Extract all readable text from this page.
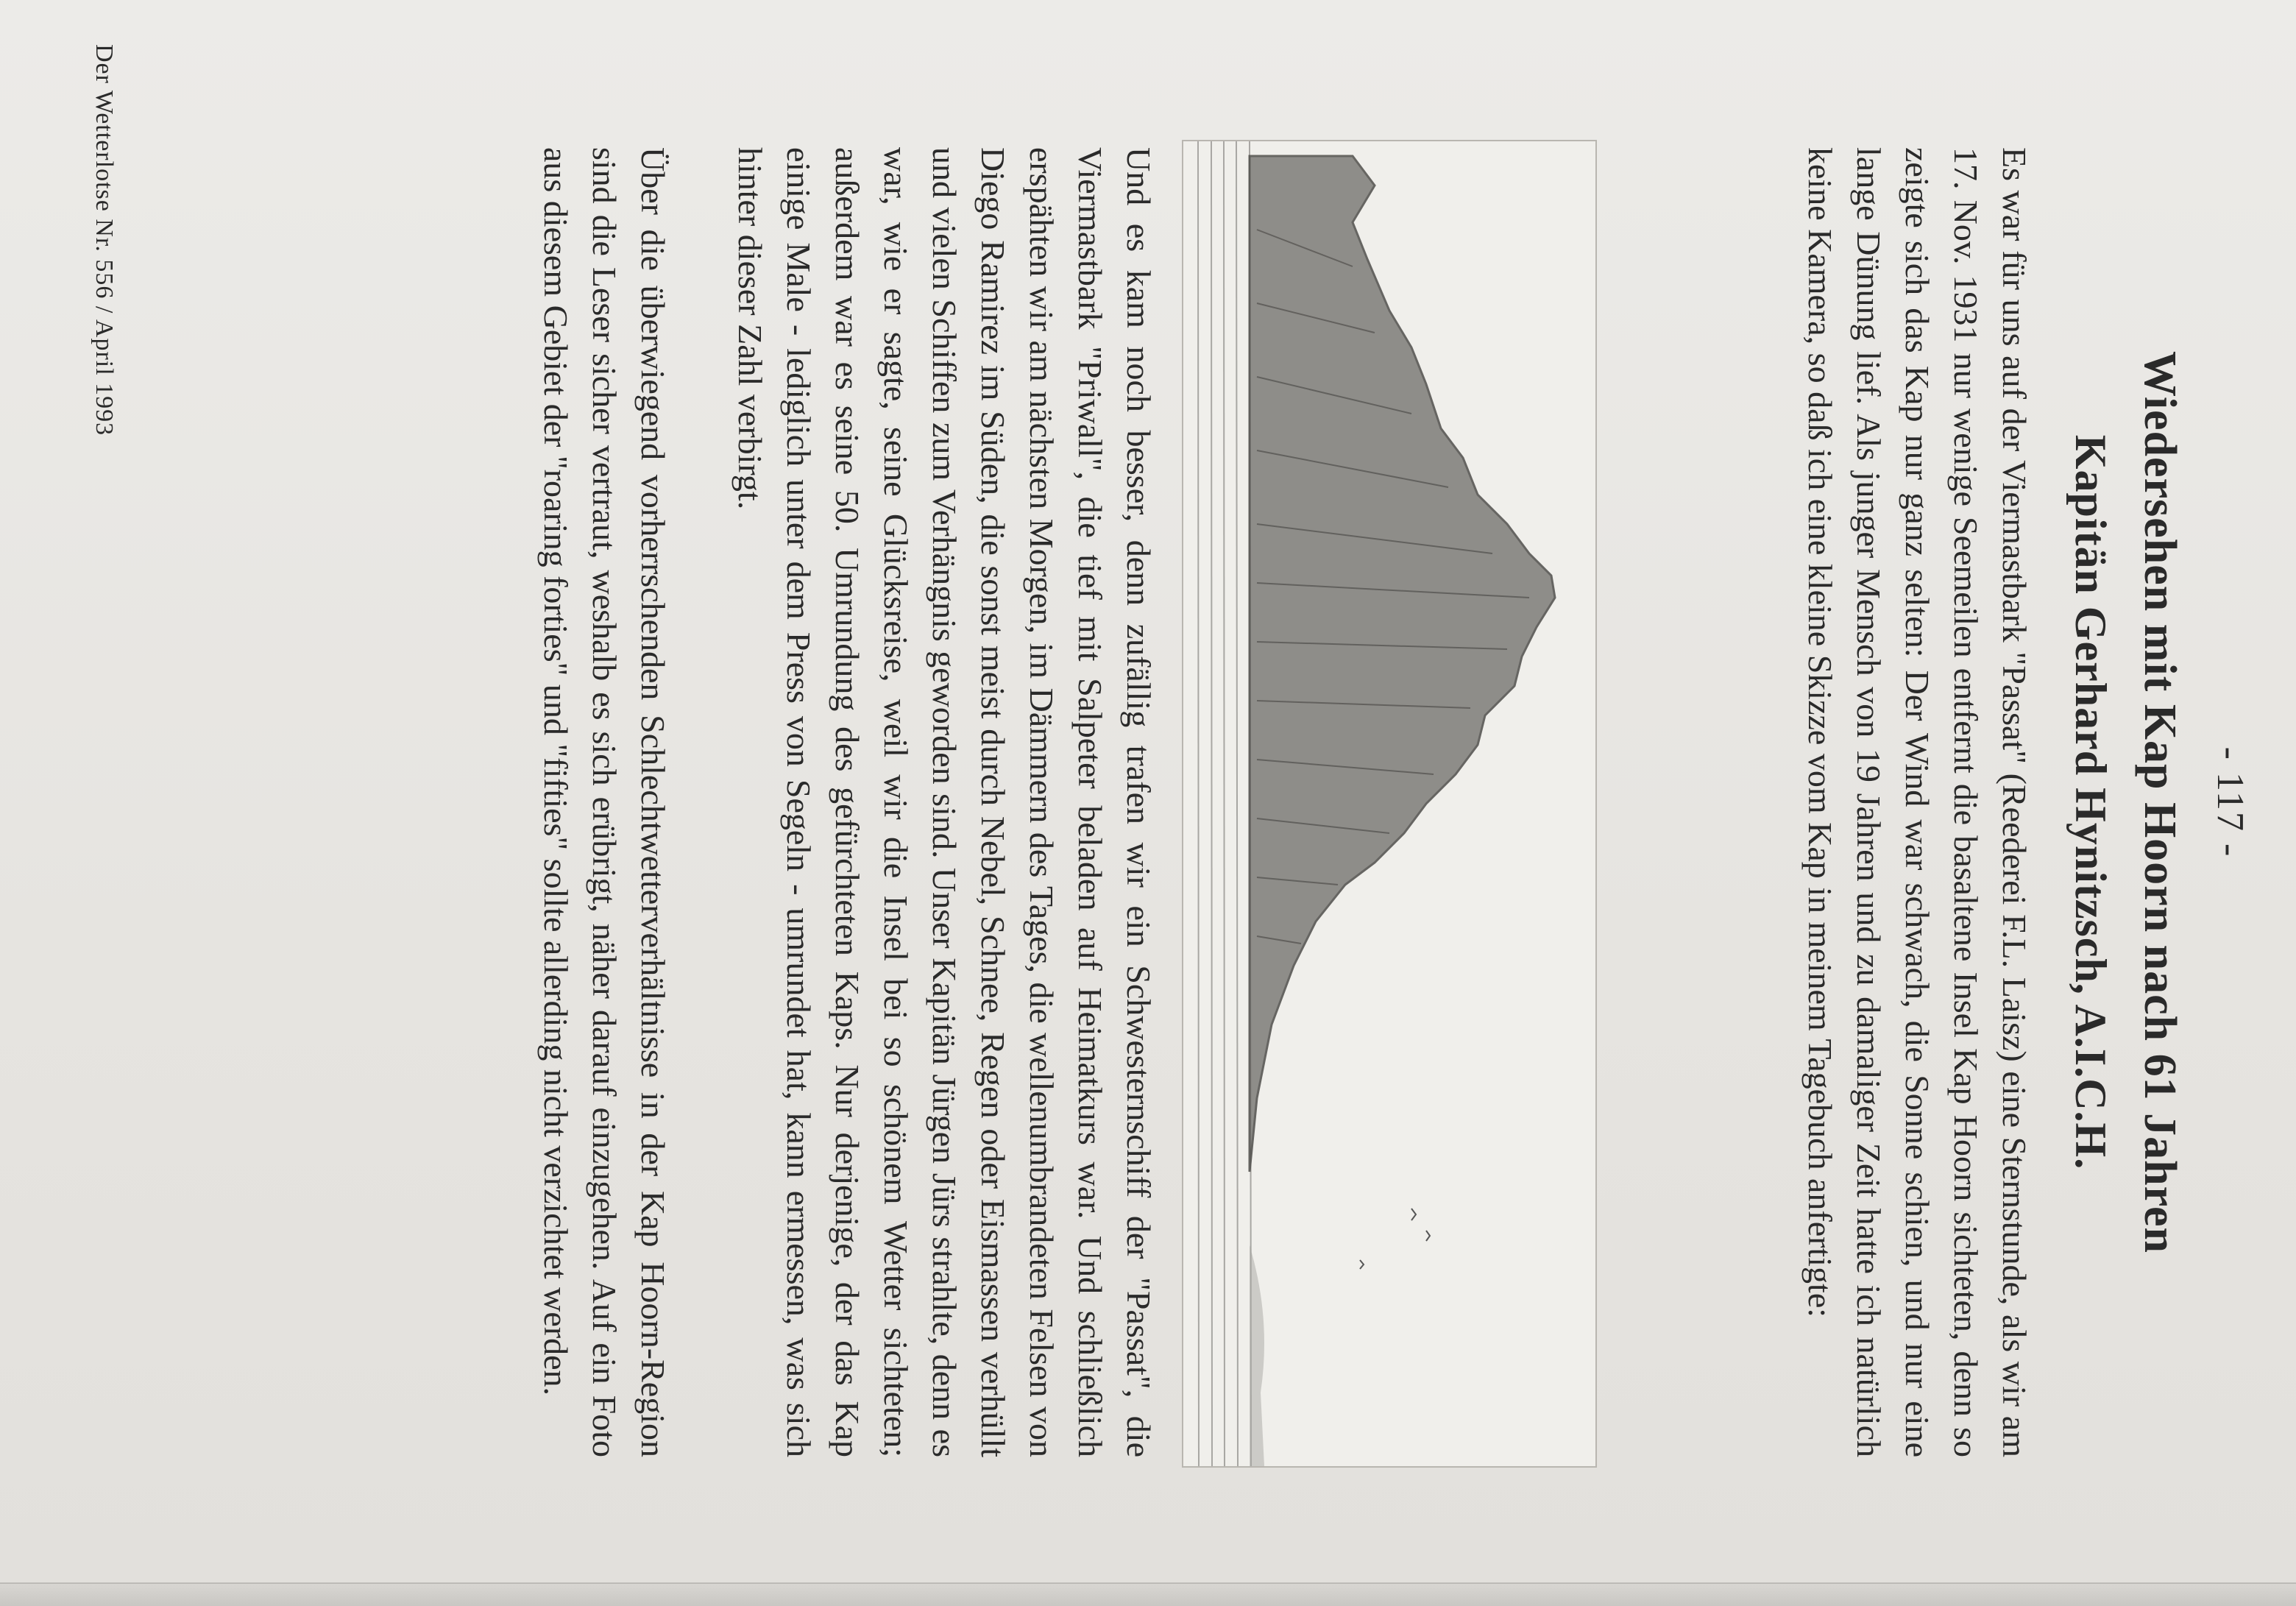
- 117 -
Wiedersehen mit Kap Hoorn nach 61 Jahren
Kapitän Gerhard Hynitzsch, A.I.C.H.

Es war für uns auf der Viermastbark "Passat" (Reederei F.L. Laisz) eine Sternstunde, als wir am 17. Nov. 1931 nur wenige Seemeilen entfernt die basaltene Insel Kap Hoorn sichteten, denn so zeigte sich das Kap nur ganz selten: Der Wind war schwach, die Sonne schien, und nur eine lange Dünung lief. Als junger Mensch von 19 Jahren und zu damaliger Zeit hatte ich natürlich keine Kamera, so daß ich eine kleine Skizze vom Kap in meinem Tagebuch anfertigte:

Und es kam noch besser, denn zufällig trafen wir ein Schwesternschiff der "Passat", die Viermastbark "Priwall", die tief mit Salpeter beladen auf Heimatkurs war. Und schließlich erspähten wir am nächsten Morgen, im Dämmern des Tages, die wellenumbrandeten Felsen von Diego Ramirez im Süden, die sonst meist durch Nebel, Schnee, Regen oder Eismassen verhüllt und vielen Schiffen zum Verhängnis geworden sind. Unser Kapitän Jürgen Jürs strahlte, denn es war, wie er sagte, seine Glücksreise, weil wir die Insel bei so schönem Wetter sichteten; außerdem war es seine 50. Umrundung des gefürchteten Kaps. Nur derjenige, der das Kap einige Male - lediglich unter dem Press von Segeln - umrundet hat, kann ermessen, was sich hinter dieser Zahl verbirgt.

Über die überwiegend vorherrschenden Schlechtwetterverhältnisse in der Kap Hoorn-Region sind die Leser sicher vertraut, weshalb es sich erübrigt, näher darauf einzugehen. Auf ein Foto aus diesem Gebiet der "roaring forties" und "fifties" sollte allerding nicht verzichtet werden.

Der Wetterlotse Nr. 556 / April 1993
